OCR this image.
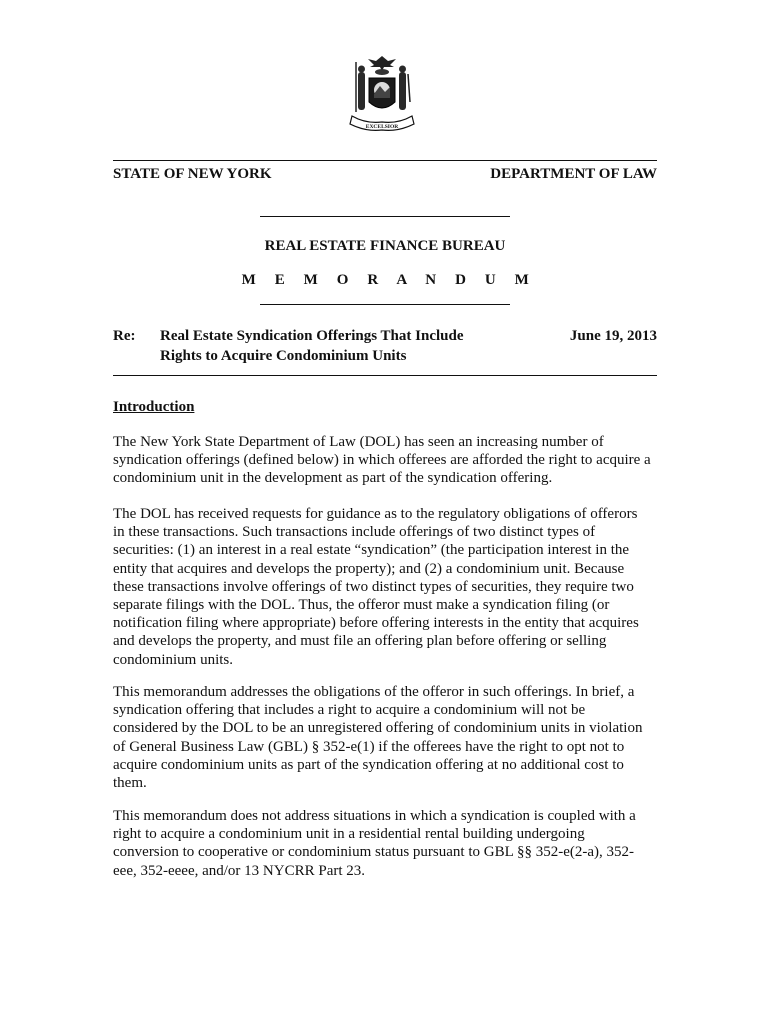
EXCELSIOR
STATE OF NEW YORK	DEPARTMENT OF LAW
REAL ESTATE FINANCE BUREAU
M E M O R A N D U M
Re: Real Estate Syndication Offerings That Include
Rights to Acquire Condominium Units
June 19, 2013
Introduction
The New York State Department of Law (DOL) has seen an increasing number of
syndication offerings (defined below) in which offerees are afforded the right to acquire a
condominium unit in the development as part of the syndication offering.
The DOL has received requests for guidance as to the regulatory obligations of offerors
in these transactions. Such transactions include offerings of two distinct types of
securities: (1) an interest in a real estate “syndication” (the participation interest in the
entity that acquires and develops the property); and (2) a condominium unit. Because
these transactions involve offerings of two distinct types of securities, they require two
separate filings with the DOL. Thus, the offeror must make a syndication filing (or
notification filing where appropriate) before offering interests in the entity that acquires
and develops the property, and must file an offering plan before offering or selling
condominium units.
This memorandum addresses the obligations of the offeror in such offerings. In brief, a
syndication offering that includes a right to acquire a condominium will not be
considered by the DOL to be an unregistered offering of condominium units in violation
of General Business Law (GBL) § 352-e(1) if the offerees have the right to opt not to
acquire condominium units as part of the syndication offering at no additional cost to
them.
This memorandum does not address situations in which a syndication is coupled with a
right to acquire a condominium unit in a residential rental building undergoing
conversion to cooperative or condominium status pursuant to GBL §§ 352-e(2-a), 352-
eee, 352-eeee, and/or 13 NYCRR Part 23.
